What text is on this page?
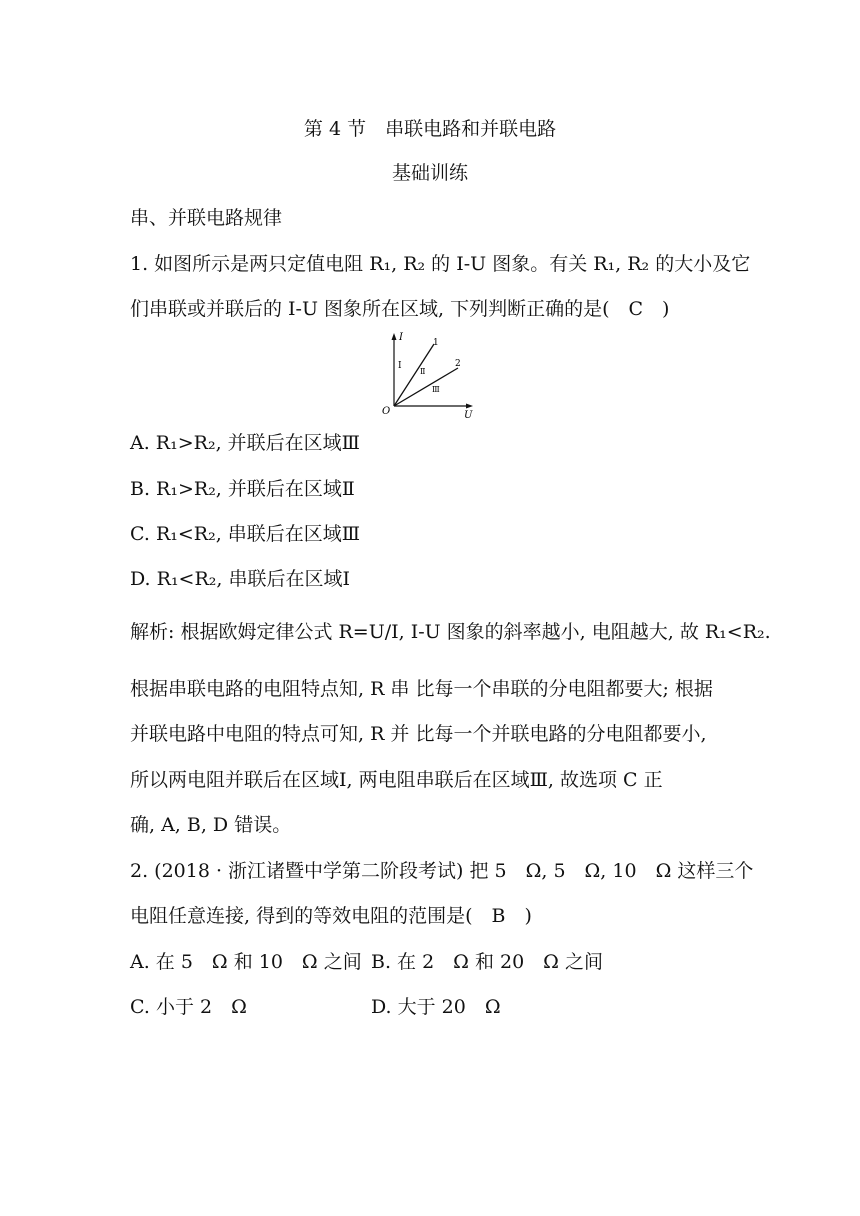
第 4 节　串联电路和并联电路
基础训练
串、并联电路规律
1. 如图所示是两只定值电阻 R₁, R₂ 的 I-U 图象。有关 R₁, R₂ 的大小及它
们串联或并联后的 I-U 图象所在区域, 下列判断正确的是(　C　)
I
U
O
1
2
Ⅰ
Ⅱ
Ⅲ
A. R₁>R₂, 并联后在区域Ⅲ
B. R₁>R₂, 并联后在区域Ⅱ
C. R₁<R₂, 串联后在区域Ⅲ
D. R₁<R₂, 串联后在区域Ⅰ
解析: 根据欧姆定律公式 R=U/I, I-U 图象的斜率越小, 电阻越大, 故 R₁<R₂.
根据串联电路的电阻特点知, R 串 比每一个串联的分电阻都要大; 根据
并联电路中电阻的特点可知, R 并 比每一个并联电路的分电阻都要小,
所以两电阻并联后在区域Ⅰ, 两电阻串联后在区域Ⅲ, 故选项 C 正
确, A, B, D 错误。
2. (2018 · 浙江诸暨中学第二阶段考试) 把 5　Ω, 5　Ω, 10　Ω 这样三个
电阻任意连接, 得到的等效电阻的范围是(　B　)
A. 在 5　Ω 和 10　Ω 之间 B. 在 2　Ω 和 20　Ω 之间
C. 小于 2　Ω	D. 大于 20　Ω
